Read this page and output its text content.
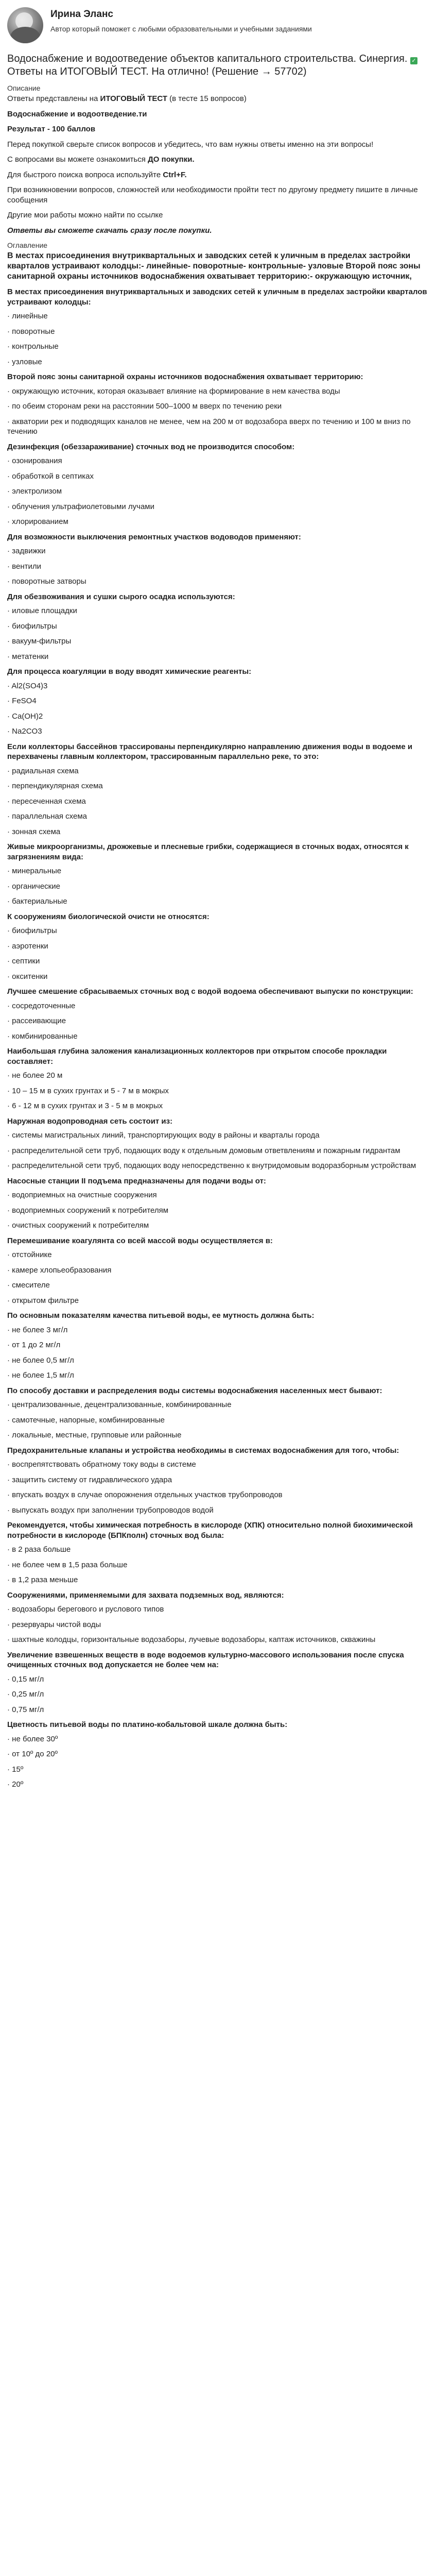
Ирина Эланс
Автор который поможет с любыми образовательными и учебными заданиями
Водоснабжение и водоотведение объектов капитального строительства. Синергия. ✓ Ответы на ИТОГОВЫЙ ТЕСТ. На отлично! (Решение → 57702)
Описание

Ответы представлены на ИТОГОВЫЙ ТЕСТ (в тесте 15 вопросов)

Водоснабжение и водоотведение.ти

Результат - 100 баллов

Перед покупкой сверьте список вопросов и убедитесь, что вам нужны ответы именно на эти вопросы!

С вопросами вы можете ознакомиться ДО покупки.

Для быстрого поиска вопроса используйте Ctrl+F.

При возникновении вопросов, сложностей или необходимости пройти тест по другому предмету пишите в личные сообщения

Другие мои работы можно найти по ссылке

Ответы вы сможете скачать сразу после покупки.

Оглавление
В местах присоединения внутриквартальных и заводских сетей к уличным в пределах застройки кварталов устраивают колодцы:- линейные- поворотные- контрольные- узловые Второй пояс зоны санитарной охраны источников водоснабжения охватывает территорию:- окружающую источник,
В местах присоединения внутриквартальных и заводских сетей к уличным в пределах застройки кварталов устраивают колодцы:
· линейные
· поворотные
· контрольные
· узловые
Второй пояс зоны санитарной охраны источников водоснабжения охватывает территорию:
· окружающую источник, которая оказывает влияние на формирование в нем качества воды
· по обеим сторонам реки на расстоянии 500–1000 м вверх по течению реки
· акватории рек и подводящих каналов не менее, чем на 200 м от водозабора вверх по течению и 100 м вниз по течению
Дезинфекция (обеззараживание) сточных вод не производится способом:
· озонирования
· обработкой в септиках
· электролизом
· облучения ультрафиолетовыми лучами
· хлорированием
Для возможности выключения ремонтных участков водоводов применяют:
· задвижки
· вентили
· поворотные затворы
Для обезвоживания и сушки сырого осадка используются:
· иловые площадки
· биофильтры
· вакуум-фильтры
· метатенки
Для процесса коагуляции в воду вводят химические реагенты:
· Al2(SO4)3
· FeSO4
· Ca(OH)2
· Na2CO3
Если коллекторы бассейнов трассированы перпендикулярно направлению движения воды в водоеме и перехвачены главным коллектором, трассированным параллельно реке, то это:
· радиальная схема
· перпендикулярная схема
· пересеченная схема
· параллельная схема
· зонная схема
Живые микроорганизмы, дрожжевые и плесневые грибки, содержащиеся в сточных водах, относятся к загрязнениям вида:
· минеральные
· органические
· бактериальные
К сооружениям биологической очисти не относятся:
· биофильтры
· аэротенки
· септики
· окситенки
Лучшее смешение сбрасываемых сточных вод с водой водоема обеспечивают выпуски по конструкции:
· сосредоточенные
· рассеивающие
· комбинированные
Наибольшая глубина заложения канализационных коллекторов при открытом способе прокладки составляет:
· не более 20 м
· 10 – 15 м в сухих грунтах и 5 - 7 м в мокрых
· 6 - 12 м в сухих грунтах и 3 - 5 м в мокрых
Наружная водопроводная сеть состоит из:
· системы магистральных линий, транспортирующих воду в районы и кварталы города
· распределительной сети труб, подающих воду к отдельным домовым ответвлениям и пожарным гидрантам
· распределительной сети труб, подающих воду непосредственно к внутридомовым водоразборным устройствам
Насосные станции II подъема предназначены для подачи воды от:
· водоприемных на очистные сооружения
· водоприемных сооружений к потребителям
· очистных сооружений к потребителям
Перемешивание коагулянта со всей массой воды осуществляется в:
· отстойнике
· камере хлопьеобразования
· смесителе
· открытом фильтре
По основным показателям качества питьевой воды, ее мутность должна быть:
· не более 3 мг/л
· от 1 до 2 мг/л
· не более 0,5 мг/л
· не более 1,5 мг/л
По способу доставки и распределения воды системы водоснабжения населенных мест бывают:
· централизованные, децентрализованные, комбинированные
· самотечные, напорные, комбинированные
· локальные, местные, групповые или районные
Предохранительные клапаны и устройства необходимы в системах водоснабжения для того, чтобы:
· воспрепятствовать обратному току воды в системе
· защитить систему от гидравлического удара
· впускать воздух в случае опорожнения отдельных участков трубопроводов
· выпускать воздух при заполнении трубопроводов водой
Рекомендуется, чтобы химическая потребность в кислороде (ХПК) относительно полной биохимической потребности в кислороде (БПКполн) сточных вод была:
· в 2 раза больше
· не более чем в 1,5 раза больше
· в 1,2 раза меньше
Сооружениями, применяемыми для захвата подземных вод, являются:
· водозаборы берегового и руслового типов
· резервуары чистой воды
· шахтные колодцы, горизонтальные водозаборы, лучевые водозаборы, каптаж источников, скважины
Увеличение взвешенных веществ в воде водоемов культурно-массового использования после спуска очищенных сточных вод допускается не более чем на:
· 0,15 мг/л
· 0,25 мг/л
· 0,75 мг/л
Цветность питьевой воды по платино-кобальтовой шкале должна быть:
· не более 30º
· от 10º до 20º
· 15º
· 20º
